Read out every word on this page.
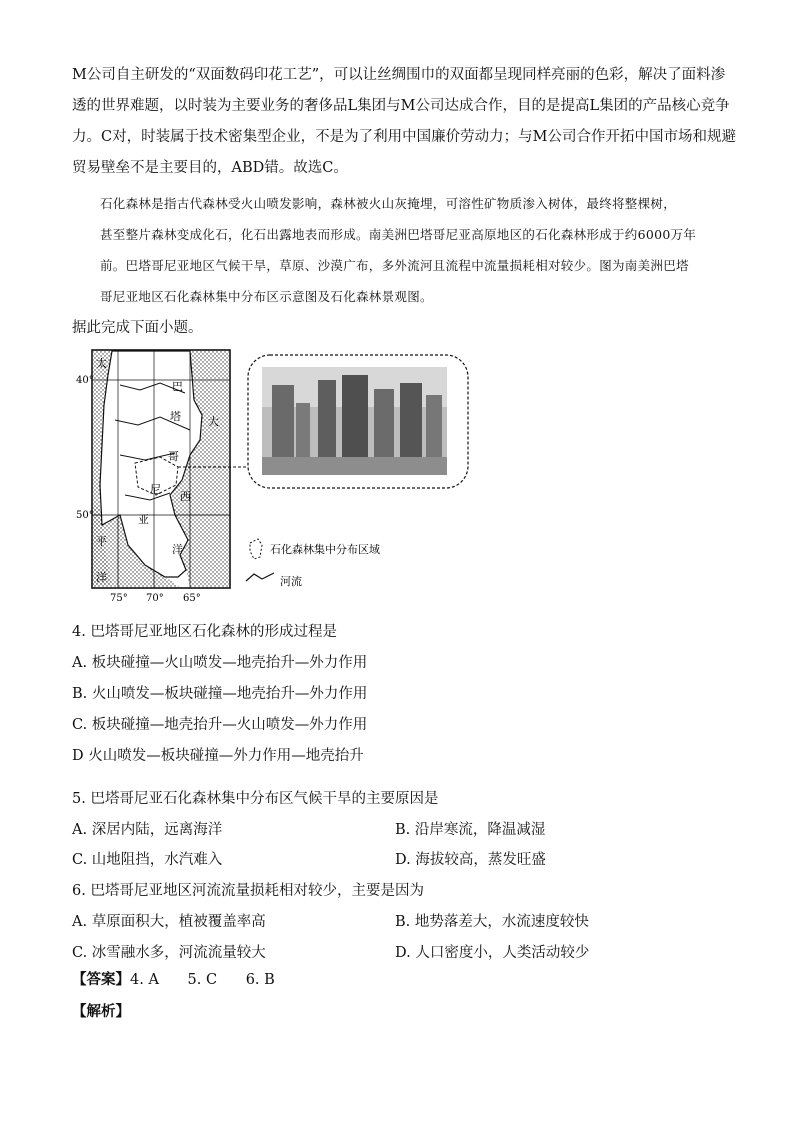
M公司自主研发的“双面数码印花工艺”，可以让丝绸围巾的双面都呈现同样亮丽的色彩，解决了面料渗
透的世界难题，以时装为主要业务的奢侈品L集团与M公司达成合作，目的是提高L集团的产品核心竞争
力。C对，时装属于技术密集型企业，不是为了利用中国廉价劳动力；与M公司合作开拓中国市场和规避
贸易壁垒不是主要目的，ABD错。故选C。
石化森林是指古代森林受火山喷发影响，森林被火山灰掩埋，可溶性矿物质渗入树体，最终将整棵树，
甚至整片森林变成化石，化石出露地表而形成。南美洲巴塔哥尼亚高原地区的石化森林形成于约6000万年
前。巴塔哥尼亚地区气候干旱，草原、沙漠广布，多外流河且流程中流量损耗相对较少。图为南美洲巴塔
哥尼亚地区石化森林集中分布区示意图及石化森林景观图。
据此完成下面小题。
40°
50°
75° 70° 65°
巴
塔
哥
尼
亚
太
平
洋
大
西
洋	石化森林集中分布区域
河流
4. 巴塔哥尼亚地区石化森林的形成过程是
A. 板块碰撞—火山喷发—地壳抬升—外力作用
B. 火山喷发—板块碰撞—地壳抬升—外力作用
C. 板块碰撞—地壳抬升—火山喷发—外力作用
D 火山喷发—板块碰撞—外力作用—地壳抬升
5. 巴塔哥尼亚石化森林集中分布区气候干旱的主要原因是
A. 深居内陆，远离海洋	B. 沿岸寒流，降温减湿
C. 山地阻挡，水汽难入	D. 海拔较高，蒸发旺盛
6. 巴塔哥尼亚地区河流流量损耗相对较少，主要是因为
A. 草原面积大，植被覆盖率高	B. 地势落差大，水流速度较快
C. 冰雪融水多，河流流量较大	D. 人口密度小，人类活动较少
【答案】4. A 5. C 6. B
【解析】
